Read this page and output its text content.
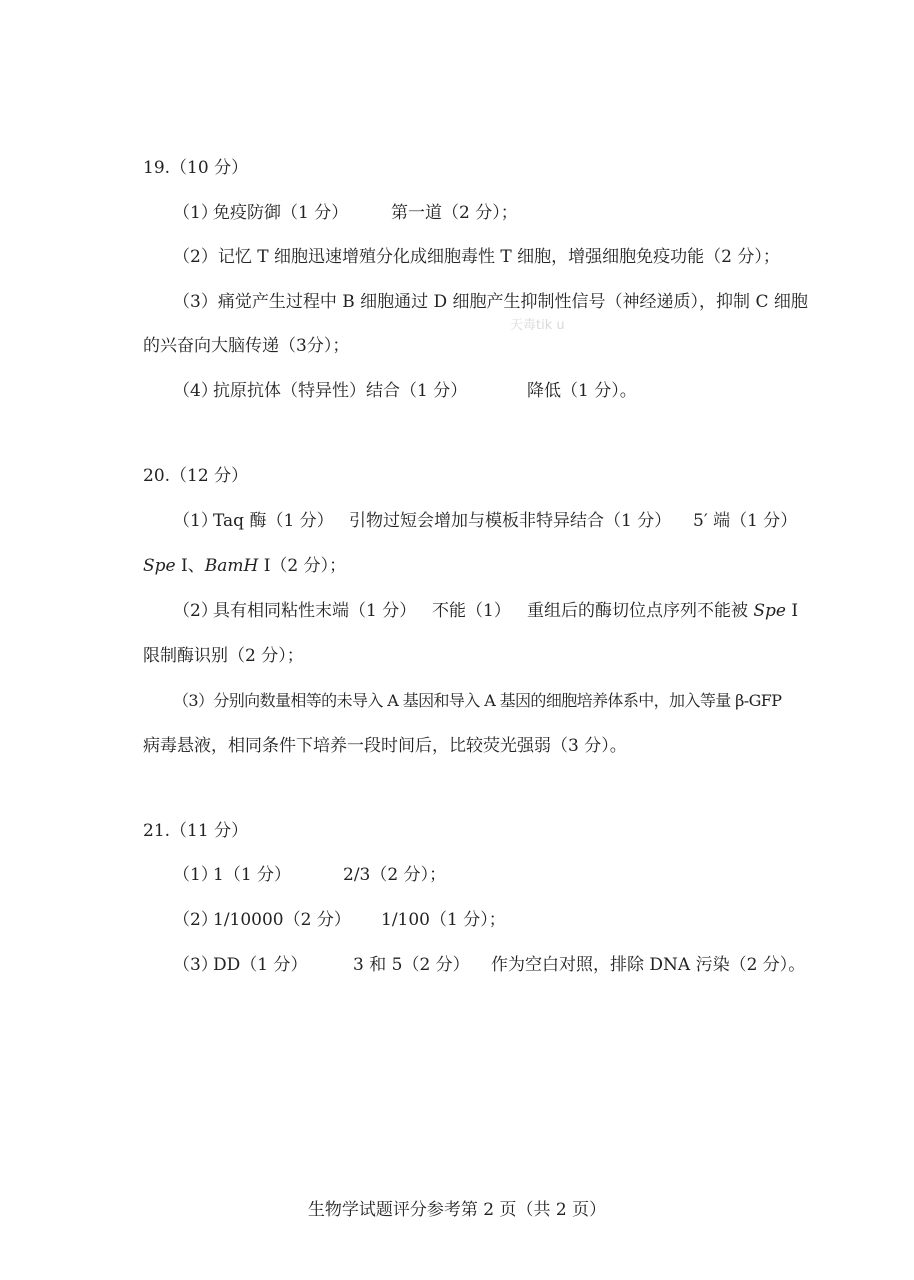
19.（10 分）
（1）
免疫防御（1 分）	第一道（2 分）；
（2）记忆 T 细胞迅速增殖分化成细胞毒性 T 细胞，增强细胞免疫功能（2 分）；
（3）痛觉产生过程中 B 细胞通过 D 细胞产生抑制性信号（神经递质），抑制 C 细胞
天毒tik u
的兴奋向大脑传递（3分）；
（4）
抗原抗体（特异性）结合（1 分）	降低（1 分）。
20.（12 分）
（1）
Taq 酶（1 分） 引物过短会增加与模板非特异结合（1 分） 5′ 端（1 分）
Spe I、BamH I（2 分）；
（2）
具有相同粘性末端（1 分） 不能（1） 重组后的酶切位点序列不能被 Spe I
限制酶识别（2 分）；
（3）分别向数量相等的未导入 A 基因和导入 A 基因的细胞培养体系中，加入等量 β-GFP
病毒悬液，相同条件下培养一段时间后，比较荧光强弱（3 分）。
21.（11 分）
（1）
1（1 分）	2/3（2 分）；
（2）
1/10000（2 分） 1/100（1 分）；
（3）
DD（1 分）	3 和 5（2 分） 作为空白对照，排除 DNA 污染（2 分）。
生物学试题评分参考第 2 页（共 2 页）
